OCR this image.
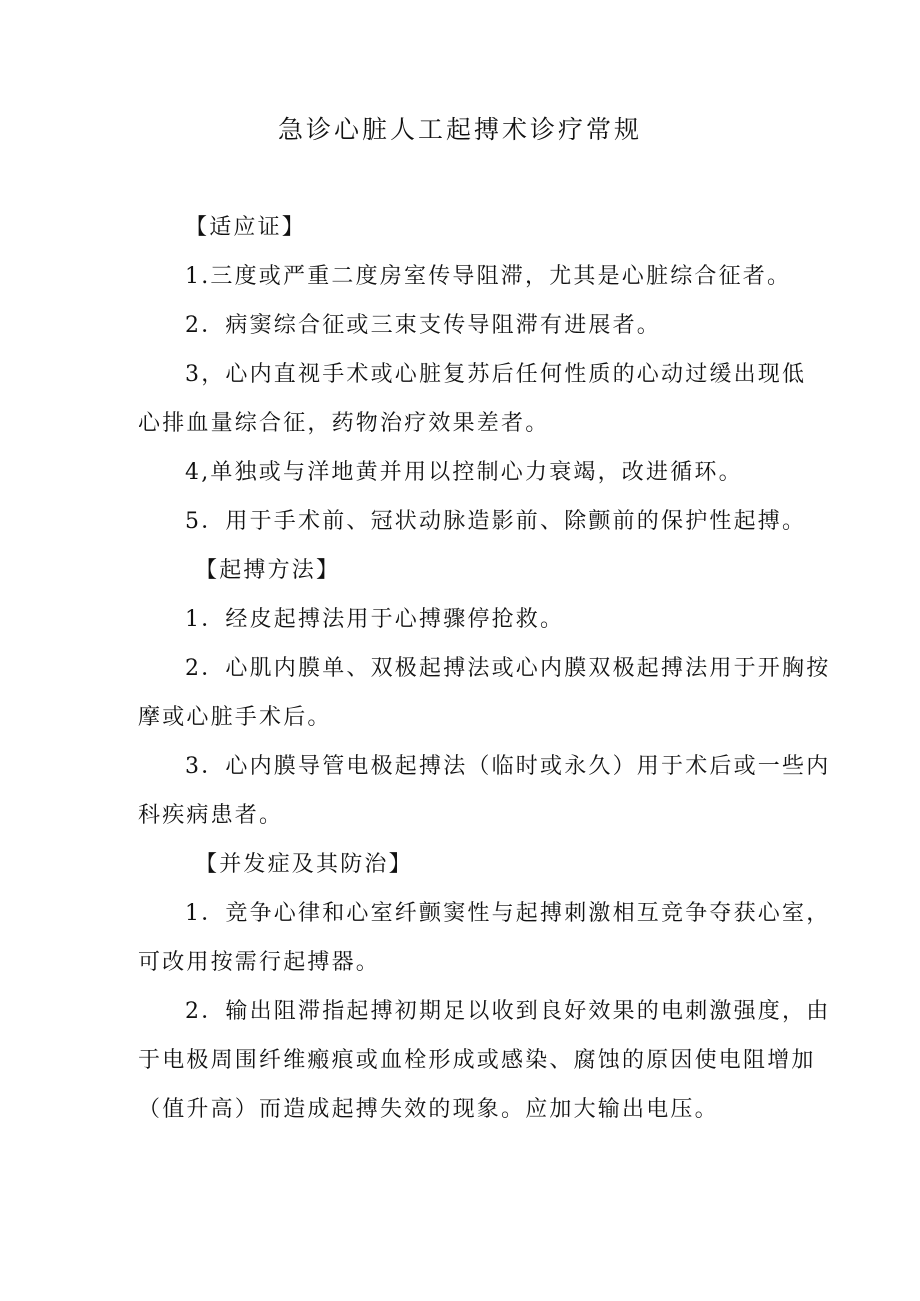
急诊心脏人工起搏术诊疗常规

【适应证】

1.三度或严重二度房室传导阻滞，尤其是心脏综合征者。

2．病窦综合征或三束支传导阻滞有进展者。

3，心内直视手术或心脏复苏后任何性质的心动过缓出现低

心排血量综合征，药物治疗效果差者。

4,单独或与洋地黄并用以控制心力衰竭，改进循环。

5．用于手术前、冠状动脉造影前、除颤前的保护性起搏。

【起搏方法】

1．经皮起搏法用于心搏骤停抢救。

2．心肌内膜单、双极起搏法或心内膜双极起搏法用于开胸按

摩或心脏手术后。

3．心内膜导管电极起搏法（临时或永久）用于术后或一些内

科疾病患者。

【并发症及其防治】

1．竞争心律和心室纤颤窦性与起搏刺激相互竞争夺获心室，

可改用按需行起搏器。

2．输出阻滞指起搏初期足以收到良好效果的电刺激强度，由

于电极周围纤维瘢痕或血栓形成或感染、腐蚀的原因使电阻增加

（值升高）而造成起搏失效的现象。应加大输出电压。
